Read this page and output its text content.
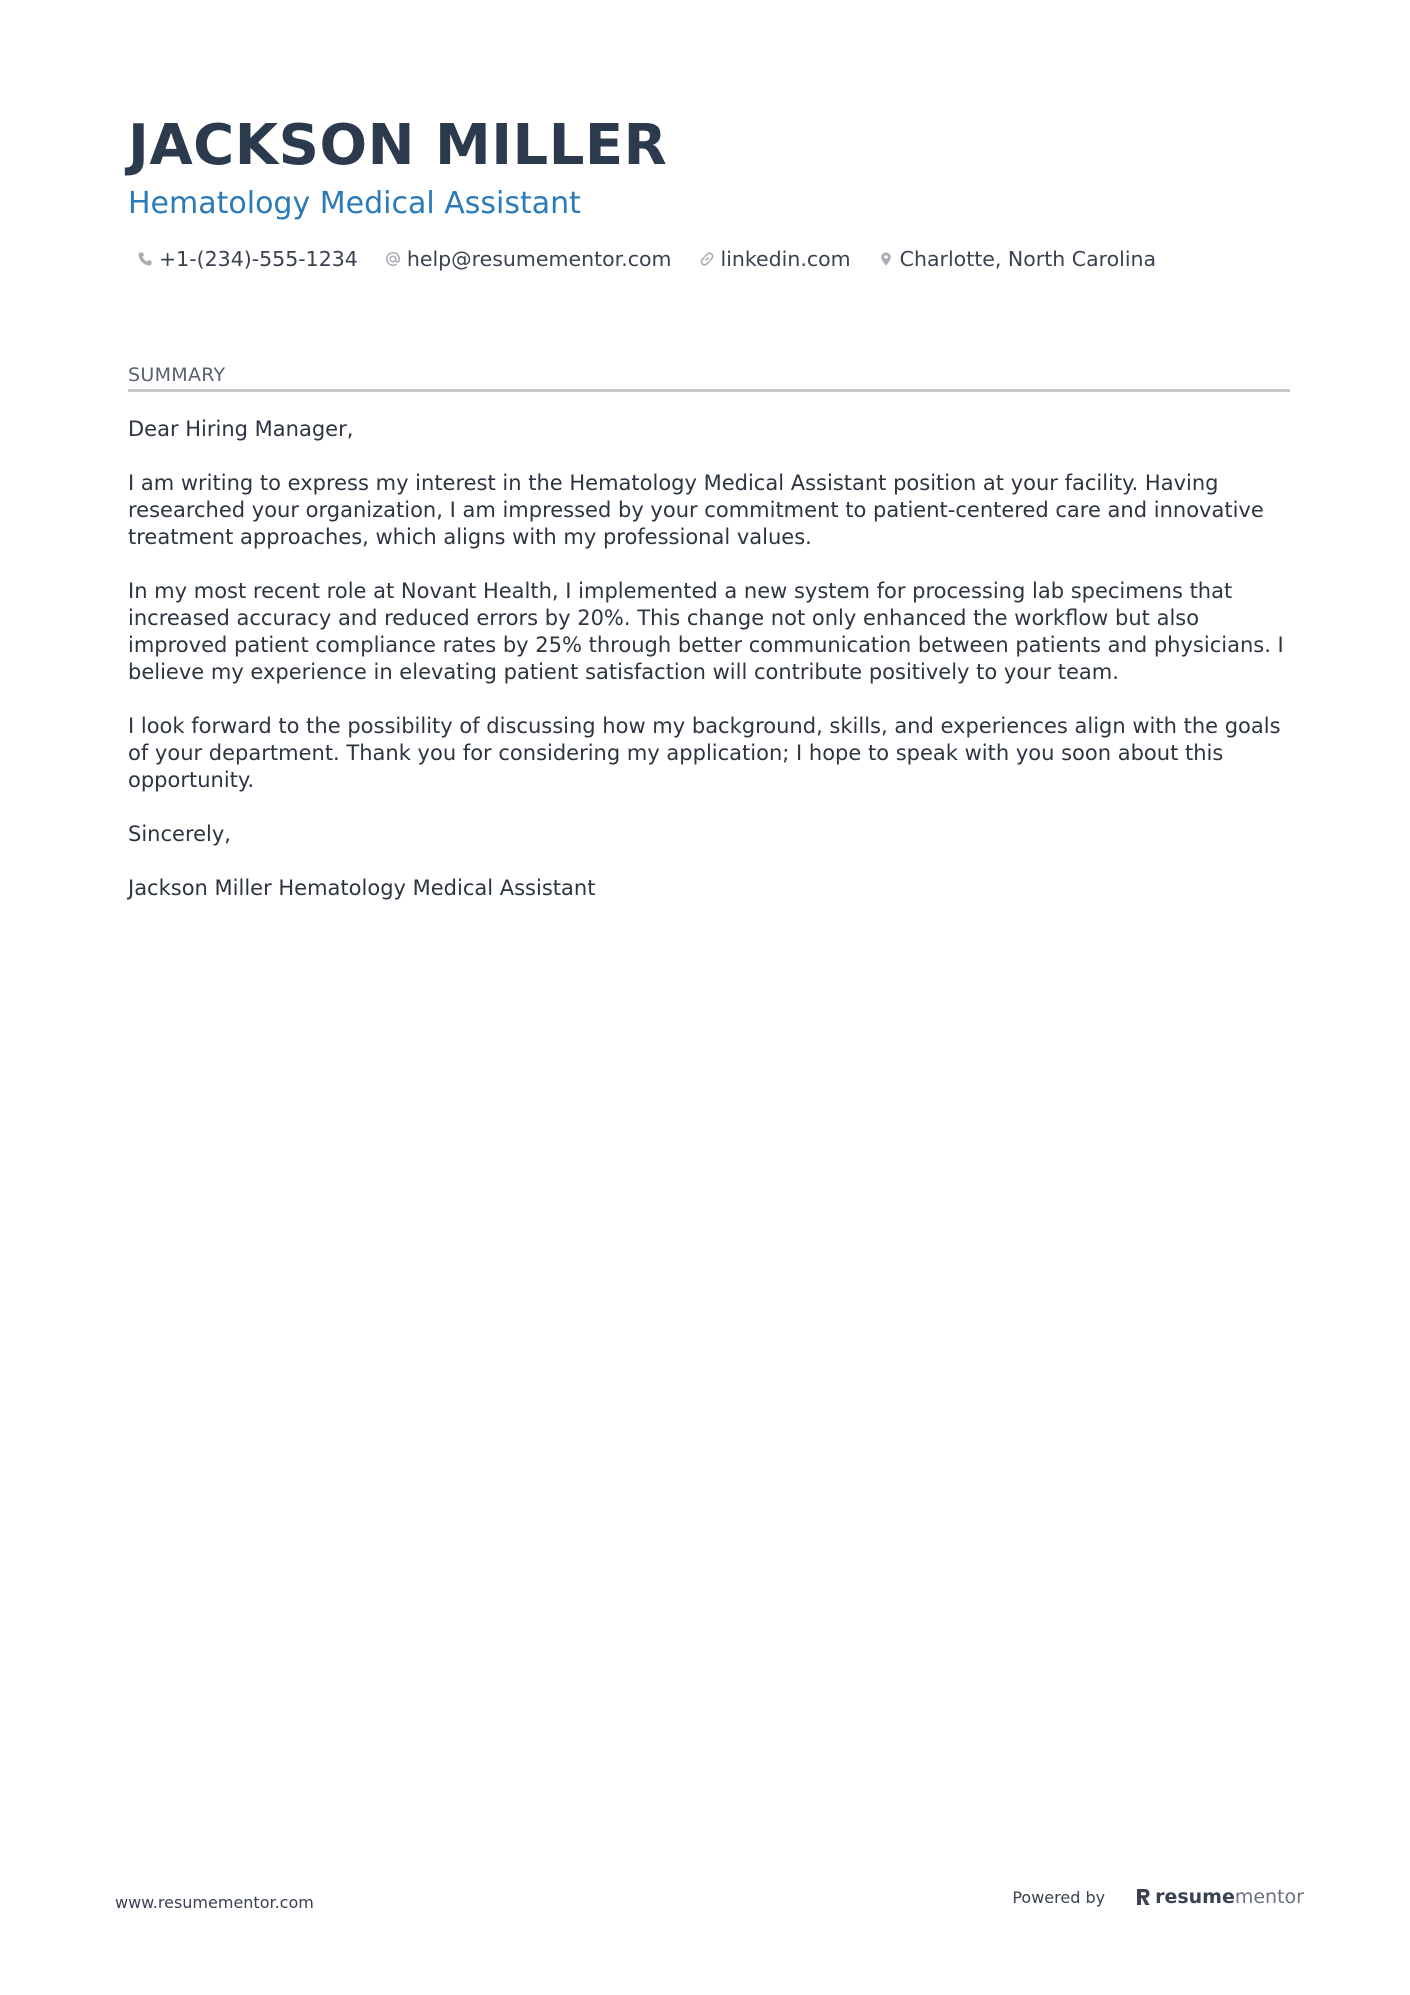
JACKSON MILLER
Hematology Medical Assistant
+1-(234)-555-1234 help@resumementor.com linkedin.com Charlotte, North Carolina
SUMMARY

Dear Hiring Manager,

I am writing to express my interest in the Hematology Medical Assistant position at your facility. Having researched your organization, I am impressed by your commitment to patient-centered care and innovative treatment approaches, which aligns with my professional values.

In my most recent role at Novant Health, I implemented a new system for processing lab specimens that increased accuracy and reduced errors by 20%. This change not only enhanced the workflow but also improved patient compliance rates by 25% through better communication between patients and physicians. I believe my experience in elevating patient satisfaction will contribute positively to your team.

I look forward to the possibility of discussing how my background, skills, and experiences align with the goals of your department. Thank you for considering my application; I hope to speak with you soon about this opportunity.

Sincerely,

Jackson Miller Hematology Medical Assistant

www.resumementor.com	Powered by	resume mentor
